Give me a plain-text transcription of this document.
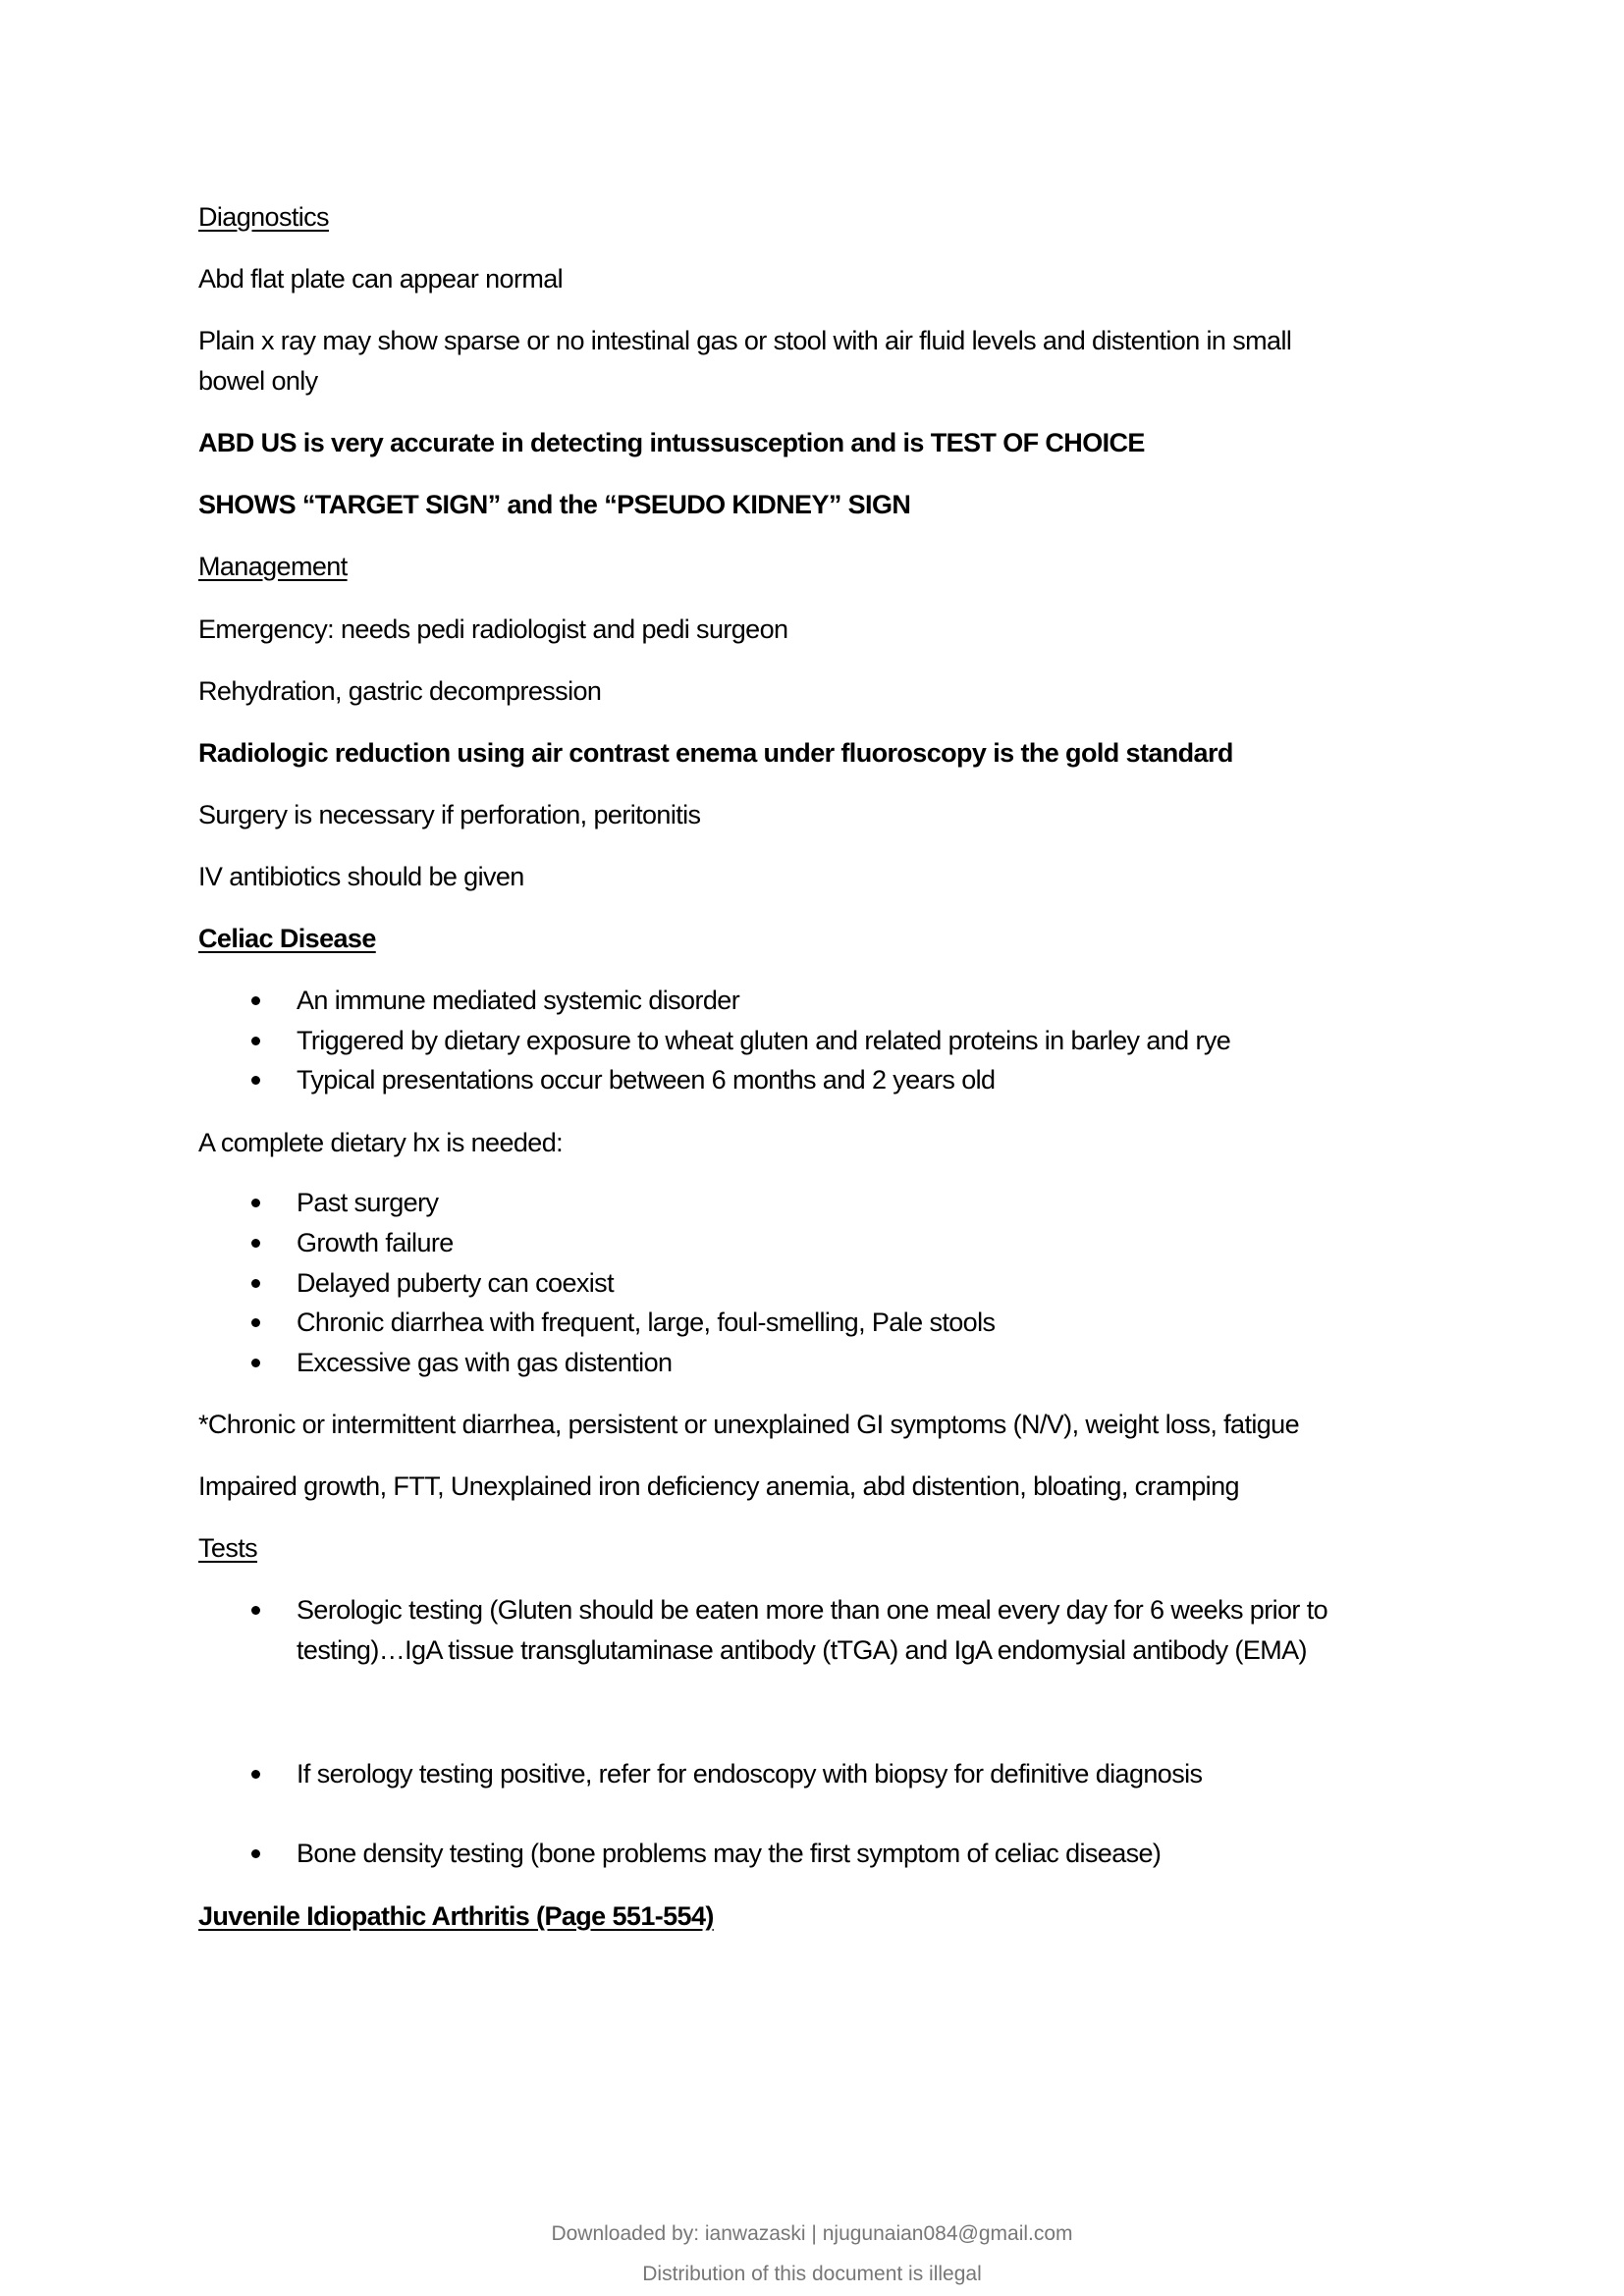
Diagnostics
Abd flat plate can appear normal
Plain x ray may show sparse or no intestinal gas or stool with air fluid levels and distention in small
bowel only
ABD US is very accurate in detecting intussusception and is TEST OF CHOICE
SHOWS “TARGET SIGN” and the “PSEUDO KIDNEY” SIGN
Management
Emergency: needs pedi radiologist and pedi surgeon
Rehydration, gastric decompression
Radiologic reduction using air contrast enema under fluoroscopy is the gold standard
Surgery is necessary if perforation, peritonitis
IV antibiotics should be given
Celiac Disease
An immune mediated systemic disorder
Triggered by dietary exposure to wheat gluten and related proteins in barley and rye
Typical presentations occur between 6 months and 2 years old
A complete dietary hx is needed:
Past surgery
Growth failure
Delayed puberty can coexist
Chronic diarrhea with frequent, large, foul-smelling, Pale stools
Excessive gas with gas distention
*Chronic or intermittent diarrhea, persistent or unexplained GI symptoms (N/V), weight loss, fatigue
Impaired growth, FTT, Unexplained iron deficiency anemia, abd distention, bloating, cramping
Tests
Serologic testing (Gluten should be eaten more than one meal every day for 6 weeks prior to
testing)…IgA tissue transglutaminase antibody (tTGA) and IgA endomysial antibody (EMA)
If serology testing positive, refer for endoscopy with biopsy for definitive diagnosis
Bone density testing (bone problems may the first symptom of celiac disease)
Juvenile Idiopathic Arthritis (Page 551-554)
Downloaded by: ianwazaski | njugunaian084@gmail.com
Distribution of this document is illegal
